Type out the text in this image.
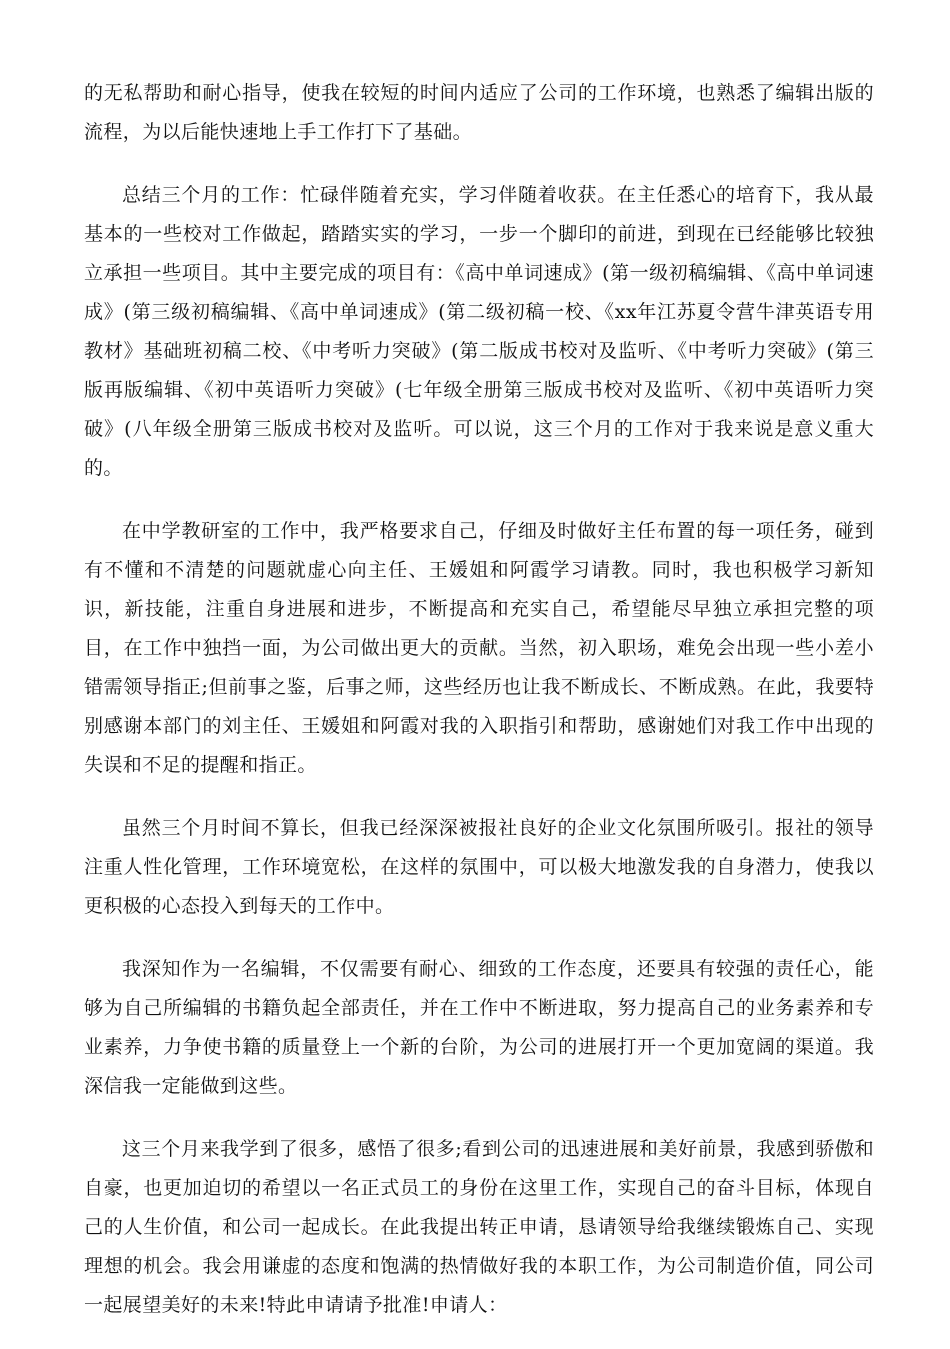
的无私帮助和耐心指导，使我在较短的时间内适应了公司的工作环境，也熟悉了编辑出版的流程，为以后能快速地上手工作打下了基础。

总结三个月的工作：忙碌伴随着充实，学习伴随着收获。在主任悉心的培育下，我从最基本的一些校对工作做起，踏踏实实的学习，一步一个脚印的前进，到现在已经能够比较独立承担一些项目。其中主要完成的项目有：《高中单词速成》(第一级初稿编辑、《高中单词速成》(第三级初稿编辑、《高中单词速成》(第二级初稿一校、《xx年江苏夏令营牛津英语专用教材》基础班初稿二校、《中考听力突破》(第二版成书校对及监听、《中考听力突破》(第三版再版编辑、《初中英语听力突破》(七年级全册第三版成书校对及监听、《初中英语听力突破》(八年级全册第三版成书校对及监听。可以说，这三个月的工作对于我来说是意义重大的。

在中学教研室的工作中，我严格要求自己，仔细及时做好主任布置的每一项任务，碰到有不懂和不清楚的问题就虚心向主任、王媛姐和阿霞学习请教。同时，我也积极学习新知识，新技能，注重自身进展和进步，不断提高和充实自己，希望能尽早独立承担完整的项目，在工作中独挡一面，为公司做出更大的贡献。当然，初入职场，难免会出现一些小差小错需领导指正;但前事之鉴，后事之师，这些经历也让我不断成长、不断成熟。在此，我要特别感谢本部门的刘主任、王媛姐和阿霞对我的入职指引和帮助，感谢她们对我工作中出现的失误和不足的提醒和指正。

虽然三个月时间不算长，但我已经深深被报社良好的企业文化氛围所吸引。报社的领导注重人性化管理，工作环境宽松，在这样的氛围中，可以极大地激发我的自身潜力，使我以更积极的心态投入到每天的工作中。

我深知作为一名编辑，不仅需要有耐心、细致的工作态度，还要具有较强的责任心，能够为自己所编辑的书籍负起全部责任，并在工作中不断进取，努力提高自己的业务素养和专业素养，力争使书籍的质量登上一个新的台阶，为公司的进展打开一个更加宽阔的渠道。我深信我一定能做到这些。

这三个月来我学到了很多，感悟了很多;看到公司的迅速进展和美好前景，我感到骄傲和自豪，也更加迫切的希望以一名正式员工的身份在这里工作，实现自己的奋斗目标，体现自己的人生价值，和公司一起成长。在此我提出转正申请，恳请领导给我继续锻炼自己、实现理想的机会。我会用谦虚的态度和饱满的热情做好我的本职工作，为公司制造价值，同公司一起展望美好的未来!特此申请请予批准!申请人：
